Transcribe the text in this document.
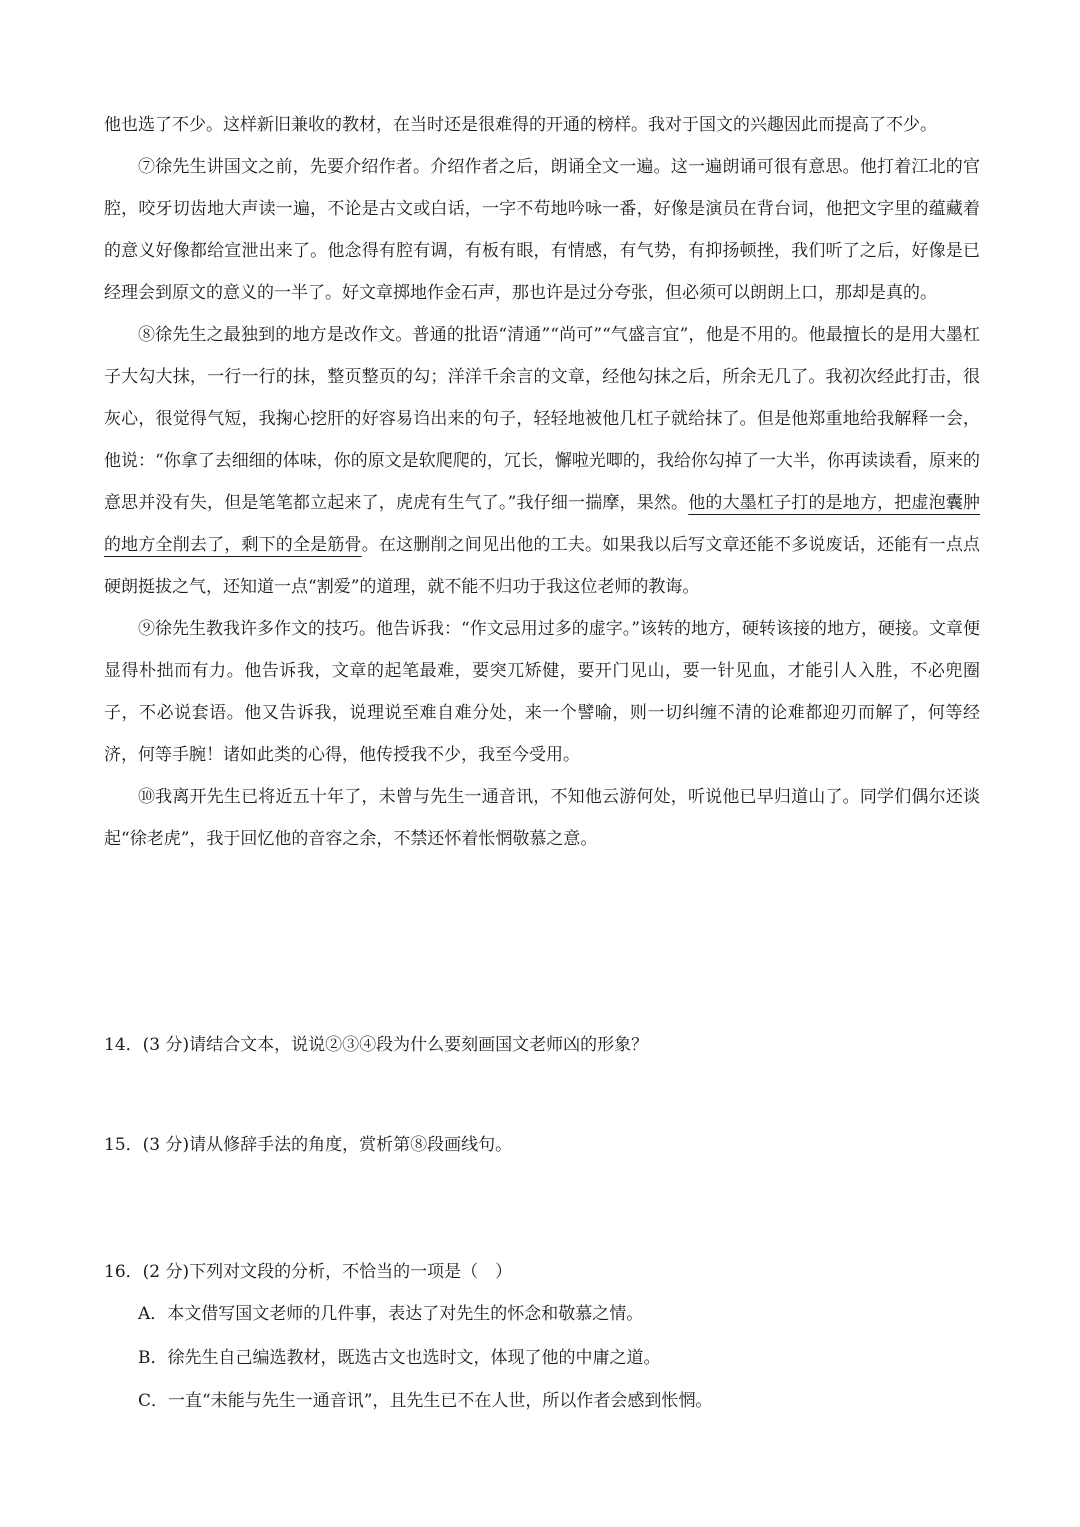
他也选了不少。这样新旧兼收的教材，在当时还是很难得的开通的榜样。我对于国文的兴趣因此而提高了不少。

⑦徐先生讲国文之前，先要介绍作者。介绍作者之后，朗诵全文一遍。这一遍朗诵可很有意思。他打着江北的官腔，咬牙切齿地大声读一遍，不论是古文或白话，一字不苟地吟咏一番，好像是演员在背台词，他把文字里的蕴藏着的意义好像都给宣泄出来了。他念得有腔有调，有板有眼，有情感，有气势，有抑扬顿挫，我们听了之后，好像是已经理会到原文的意义的一半了。好文章掷地作金石声，那也许是过分夸张，但必须可以朗朗上口，那却是真的。

⑧徐先生之最独到的地方是改作文。普通的批语“清通”“尚可”“气盛言宜”，他是不用的。他最擅长的是用大墨杠子大勾大抹，一行一行的抹，整页整页的勾；洋洋千余言的文章，经他勾抹之后，所余无几了。我初次经此打击，很灰心，很觉得气短，我掬心挖肝的好容易诌出来的句子，轻轻地被他几杠子就给抹了。但是他郑重地给我解释一会，他说：“你拿了去细细的体味，你的原文是软爬爬的，冗长，懈啦光唧的，我给你勾掉了一大半，你再读读看，原来的意思并没有失，但是笔笔都立起来了，虎虎有生气了。”我仔细一揣摩，果然。他的大墨杠子打的是地方，把虚泡囊肿的地方全削去了，剩下的全是筋骨。在这删削之间见出他的工夫。如果我以后写文章还能不多说废话，还能有一点点硬朗挺拔之气，还知道一点“割爱”的道理，就不能不归功于我这位老师的教诲。

⑨徐先生教我许多作文的技巧。他告诉我：“作文忌用过多的虚字。”该转的地方，硬转该接的地方，硬接。文章便显得朴拙而有力。他告诉我，文章的起笔最难，要突兀矫健，要开门见山，要一针见血，才能引人入胜，不必兜圈子，不必说套语。他又告诉我，说理说至难自难分处，来一个譬喻，则一切纠缠不清的论难都迎刃而解了，何等经济，何等手腕！诸如此类的心得，他传授我不少，我至今受用。

⑩我离开先生已将近五十年了，未曾与先生一通音讯，不知他云游何处，听说他已早归道山了。同学们偶尔还谈起“徐老虎”，我于回忆他的音容之余，不禁还怀着怅惘敬慕之意。

14．(3 分)请结合文本，说说②③④段为什么要刻画国文老师凶的形象？

15．(3 分)请从修辞手法的角度，赏析第⑧段画线句。

16．(2 分)下列对文段的分析，不恰当的一项是（　）

A．本文借写国文老师的几件事，表达了对先生的怀念和敬慕之情。

B．徐先生自己编选教材，既选古文也选时文，体现了他的中庸之道。

C．一直“未能与先生一通音讯”，且先生已不在人世，所以作者会感到怅惘。
